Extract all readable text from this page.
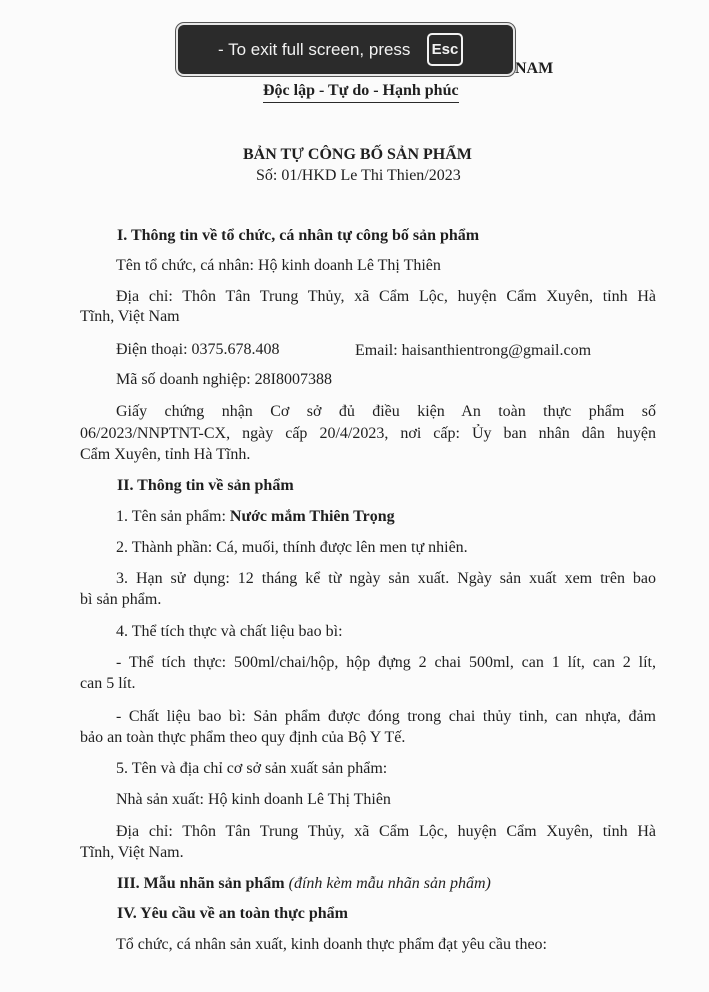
NAM
Độc lập - Tự do - Hạnh phúc
BẢN TỰ CÔNG BỐ SẢN PHẨM
Số: 01/HKD Le Thi Thien/2023
I. Thông tin về tổ chức, cá nhân tự công bố sản phẩm
Tên tổ chức, cá nhân: Hộ kinh doanh Lê Thị Thiên
Địa chỉ: Thôn Tân Trung Thủy, xã Cẩm Lộc, huyện Cẩm Xuyên, tỉnh Hà
Tĩnh, Việt Nam
Điện thoại: 0375.678.408	Email: haisanthientrong@gmail.com
Mã số doanh nghiệp: 28I8007388
Giấy chứng nhận Cơ sở đủ điều kiện An toàn thực phẩm số
06/2023/NNPTNT-CX, ngày cấp 20/4/2023, nơi cấp: Ủy ban nhân dân huyện
Cẩm Xuyên, tỉnh Hà Tĩnh.
II. Thông tin về sản phẩm
1. Tên sản phẩm: Nước mắm Thiên Trọng
2. Thành phần: Cá, muối, thính được lên men tự nhiên.
3. Hạn sử dụng: 12 tháng kể từ ngày sản xuất. Ngày sản xuất xem trên bao
bì sản phẩm.
4. Thể tích thực và chất liệu bao bì:
- Thể tích thực: 500ml/chai/hộp, hộp đựng 2 chai 500ml, can 1 lít, can 2 lít,
can 5 lít.
- Chất liệu bao bì: Sản phẩm được đóng trong chai thủy tinh, can nhựa, đảm
bảo an toàn thực phẩm theo quy định của Bộ Y Tế.
5. Tên và địa chỉ cơ sở sản xuất sản phẩm:
Nhà sản xuất: Hộ kinh doanh Lê Thị Thiên
Địa chỉ: Thôn Tân Trung Thủy, xã Cẩm Lộc, huyện Cẩm Xuyên, tỉnh Hà
Tĩnh, Việt Nam.
III. Mẫu nhãn sản phẩm (đính kèm mẫu nhãn sản phẩm)
IV. Yêu cầu về an toàn thực phẩm
Tổ chức, cá nhân sản xuất, kinh doanh thực phẩm đạt yêu cầu theo:
- To exit full screen, press	Esc
